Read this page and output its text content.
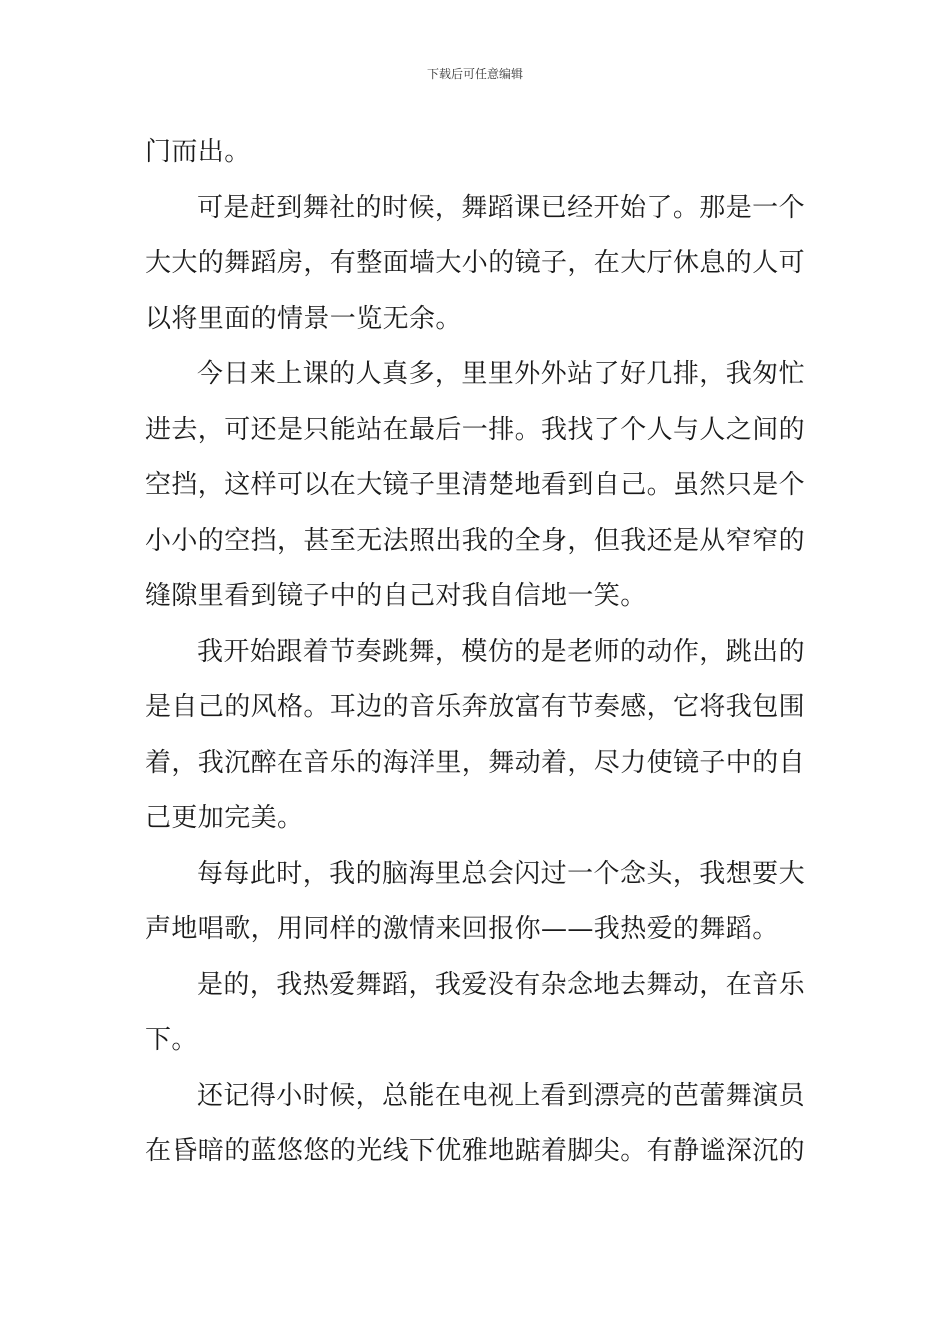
下载后可任意编辑

门而出。

可是赶到舞社的时候，舞蹈课已经开始了。那是一个大大的舞蹈房，有整面墙大小的镜子，在大厅休息的人可以将里面的情景一览无余。

今日来上课的人真多，里里外外站了好几排，我匆忙进去，可还是只能站在最后一排。我找了个人与人之间的空挡，这样可以在大镜子里清楚地看到自己。虽然只是个小小的空挡，甚至无法照出我的全身，但我还是从窄窄的缝隙里看到镜子中的自己对我自信地一笑。

我开始跟着节奏跳舞，模仿的是老师的动作，跳出的是自己的风格。耳边的音乐奔放富有节奏感，它将我包围着，我沉醉在音乐的海洋里，舞动着，尽力使镜子中的自己更加完美。

每每此时，我的脑海里总会闪过一个念头，我想要大声地唱歌，用同样的激情来回报你——我热爱的舞蹈。

是的，我热爱舞蹈，我爱没有杂念地去舞动，在音乐下。

还记得小时候，总能在电视上看到漂亮的芭蕾舞演员在昏暗的蓝悠悠的光线下优雅地踮着脚尖。有静谧深沉的
